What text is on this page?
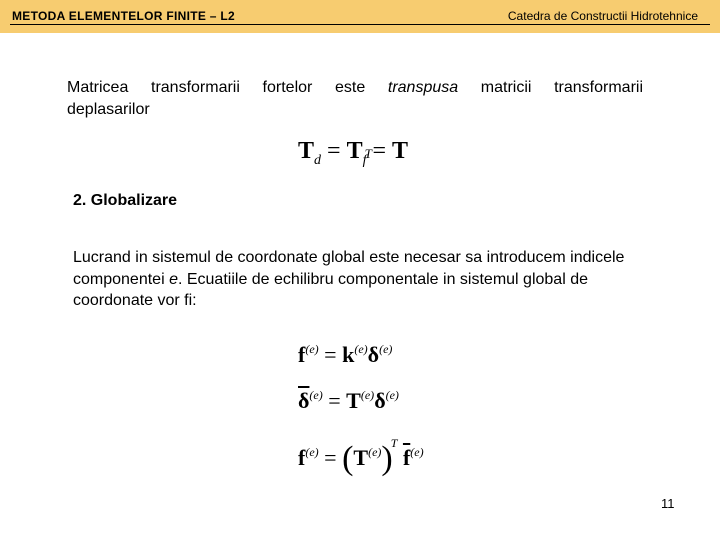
METODA ELEMENTELOR FINITE – L2	Catedra de Constructii Hidrotehnice
Matricea transformarii fortelor este transpusa matricii transformarii
deplasarilor
$T_d = T$ T
$_f$ = T
2. Globalizare
Lucrand in sistemul de coordonate global este necesar sa introducem indicele componentei e. Ecuatiile de echilibru componentale in sistemul global de coordonate vor fi:
$f^{(e)} = k^{(e)}\delta^{(e)}$
$\overline{\delta}^{(e)} = T^{(e)}\delta^{(e)}$
$f^{(e)} = (T^{(e)})^T$ $\overline{f}^{(e)}$
11
